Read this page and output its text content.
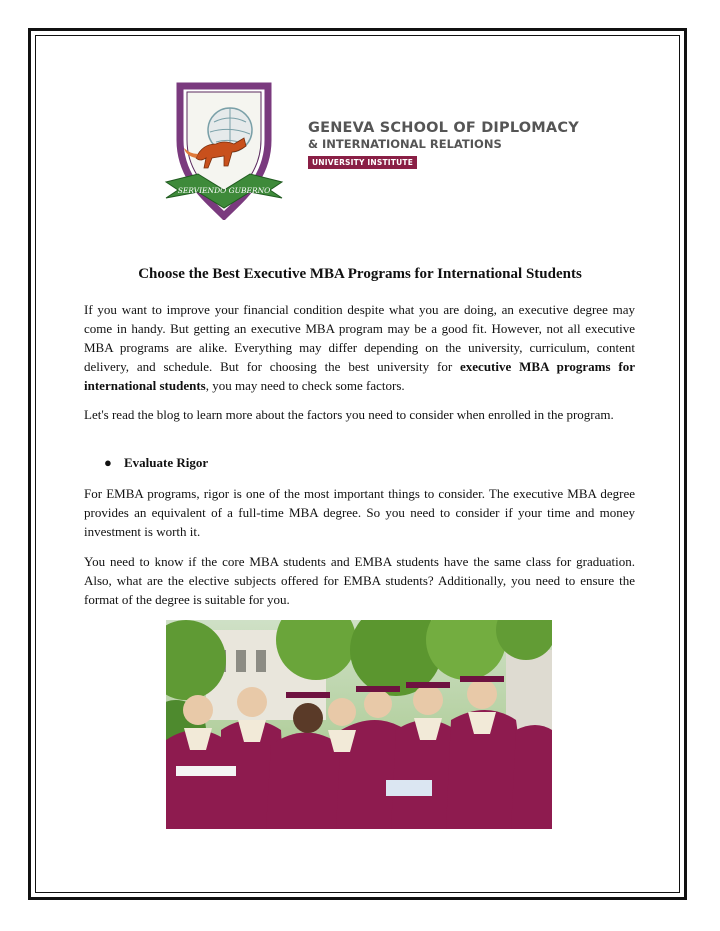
SERVIENDO GUBERNO
GENEVA SCHOOL OF DIPLOMACY
& INTERNATIONAL RELATIONS
UNIVERSITY INSTITUTE
Choose the Best Executive MBA Programs for International Students

If you want to improve your financial condition despite what you are doing, an executive degree may come in handy. But getting an executive MBA program may be a good fit. However, not all executive MBA programs are alike. Everything may differ depending on the university, curriculum, content delivery, and schedule. But for choosing the best university for executive MBA programs for international students, you may need to check some factors.

Let's read the blog to learn more about the factors you need to consider when enrolled in the program.

● Evaluate Rigor

For EMBA programs, rigor is one of the most important things to consider. The executive MBA degree provides an equivalent of a full-time MBA degree. So you need to consider if your time and money investment is worth it.

You need to know if the core MBA students and EMBA students have the same class for graduation. Also, what are the elective subjects offered for EMBA students? Additionally, you need to ensure the format of the degree is suitable for you.
